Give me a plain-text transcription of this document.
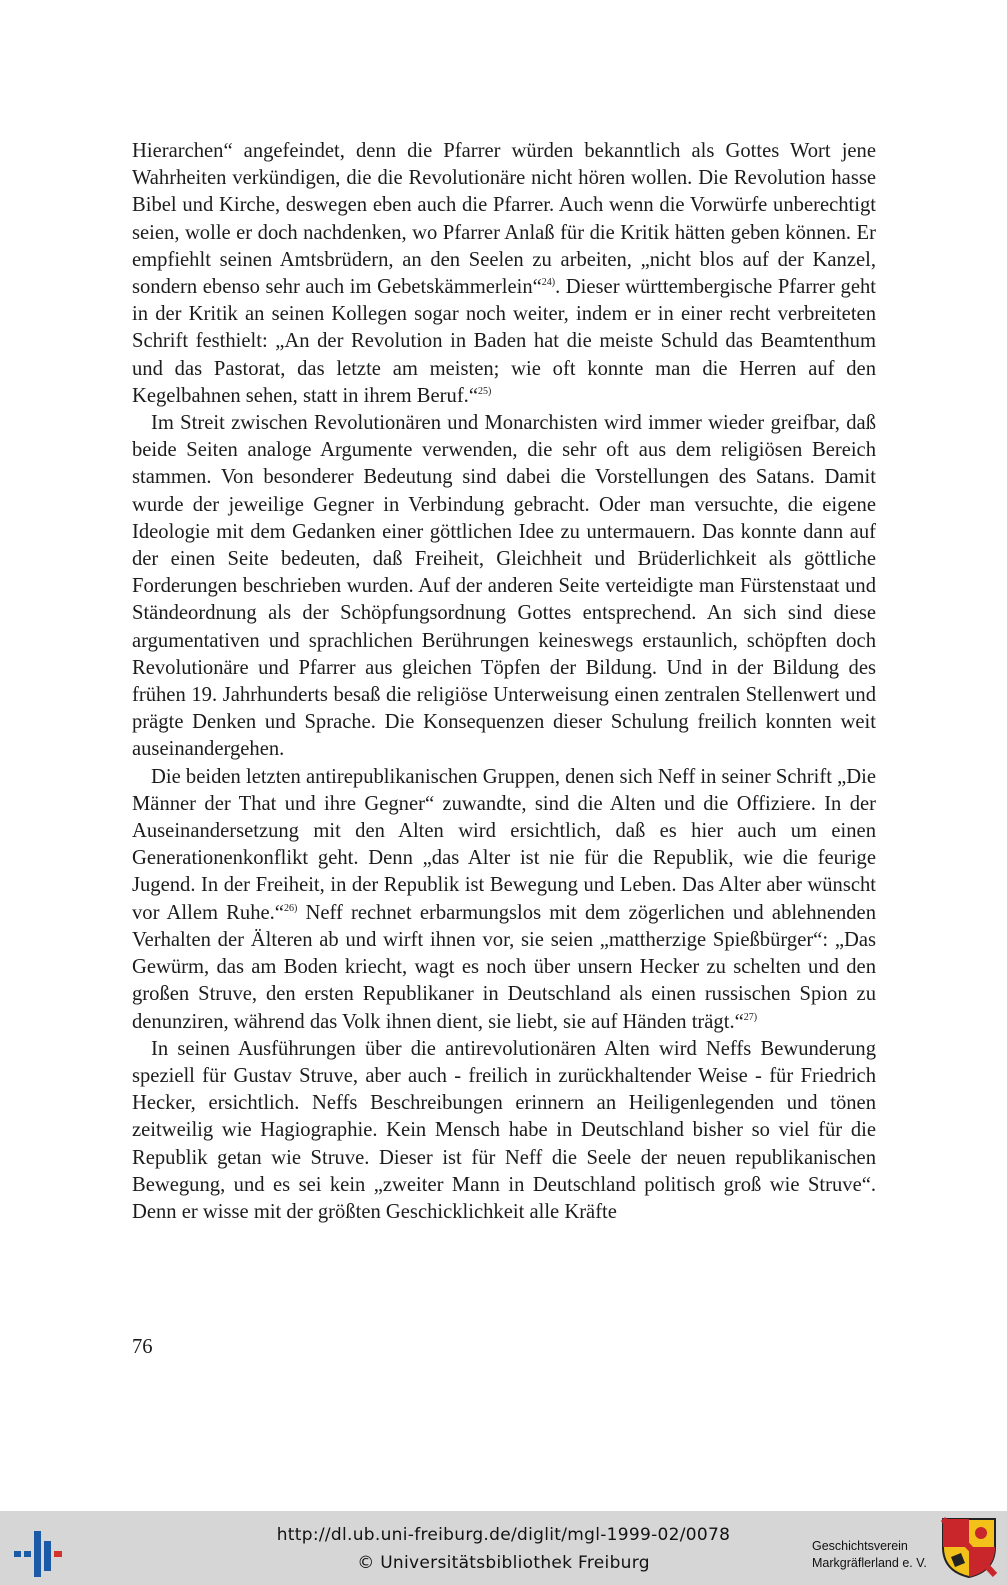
Hierarchen“ angefeindet, denn die Pfarrer würden bekanntlich als Gottes Wort jene Wahrheiten verkündigen, die die Revolutionäre nicht hören wollen. Die Revolution hasse Bibel und Kirche, deswegen eben auch die Pfarrer. Auch wenn die Vorwürfe unberechtigt seien, wolle er doch nachdenken, wo Pfarrer Anlaß für die Kritik hätten geben können. Er empfiehlt seinen Amtsbrüdern, an den Seelen zu arbeiten, „nicht blos auf der Kanzel, sondern ebenso sehr auch im Gebetskämmerlein“$^{24)}$. Dieser württembergische Pfarrer geht in der Kritik an seinen Kollegen sogar noch weiter, indem er in einer recht verbreiteten Schrift festhielt: „An der Revolution in Baden hat die meiste Schuld das Beamtenthum und das Pastorat, das letzte am meisten; wie oft konnte man die Herren auf den Kegelbahnen sehen, statt in ihrem Beruf.“$^{25)}$

Im Streit zwischen Revolutionären und Monarchisten wird immer wieder greifbar, daß beide Seiten analoge Argumente verwenden, die sehr oft aus dem religiösen Bereich stammen. Von besonderer Bedeutung sind dabei die Vorstellungen des Satans. Damit wurde der jeweilige Gegner in Verbindung gebracht. Oder man versuchte, die eigene Ideologie mit dem Gedanken einer göttlichen Idee zu untermauern. Das konnte dann auf der einen Seite bedeuten, daß Freiheit, Gleichheit und Brüderlichkeit als göttliche Forderungen beschrieben wurden. Auf der anderen Seite verteidigte man Fürstenstaat und Ständeordnung als der Schöpfungsordnung Gottes entsprechend. An sich sind diese argumentativen und sprachlichen Berührungen keineswegs erstaunlich, schöpften doch Revolutionäre und Pfarrer aus gleichen Töpfen der Bildung. Und in der Bildung des frühen 19. Jahrhunderts besaß die religiöse Unterweisung einen zentralen Stellenwert und prägte Denken und Sprache. Die Konsequenzen dieser Schulung freilich konnten weit auseinandergehen.

Die beiden letzten antirepublikanischen Gruppen, denen sich Neff in seiner Schrift „Die Männer der That und ihre Gegner“ zuwandte, sind die Alten und die Offiziere. In der Auseinandersetzung mit den Alten wird ersichtlich, daß es hier auch um einen Generationenkonflikt geht. Denn „das Alter ist nie für die Republik, wie die feurige Jugend. In der Freiheit, in der Republik ist Bewegung und Leben. Das Alter aber wünscht vor Allem Ruhe.“$^{26)}$ Neff rechnet erbarmungslos mit dem zögerlichen und ablehnenden Verhalten der Älteren ab und wirft ihnen vor, sie seien „mattherzige Spießbürger“: „Das Gewürm, das am Boden kriecht, wagt es noch über unsern Hecker zu schelten und den großen Struve, den ersten Republikaner in Deutschland als einen russischen Spion zu denunziren, während das Volk ihnen dient, sie liebt, sie auf Händen trägt.“$^{27)}$

In seinen Ausführungen über die antirevolutionären Alten wird Neffs Bewunderung speziell für Gustav Struve, aber auch - freilich in zurückhaltender Weise - für Friedrich Hecker, ersichtlich. Neffs Beschreibungen erinnern an Heiligenlegenden und tönen zeitweilig wie Hagiographie. Kein Mensch habe in Deutschland bisher so viel für die Republik getan wie Struve. Dieser ist für Neff die Seele der neuen republikanischen Bewegung, und es sei kein „zweiter Mann in Deutschland politisch groß wie Struve“. Denn er wisse mit der größten Geschicklichkeit alle Kräfte

76
http://dl.ub.uni-freiburg.de/diglit/mgl-1999-02/0078
© Universitätsbibliothek Freiburg
Geschichtsverein
Markgräflerland e. V.
